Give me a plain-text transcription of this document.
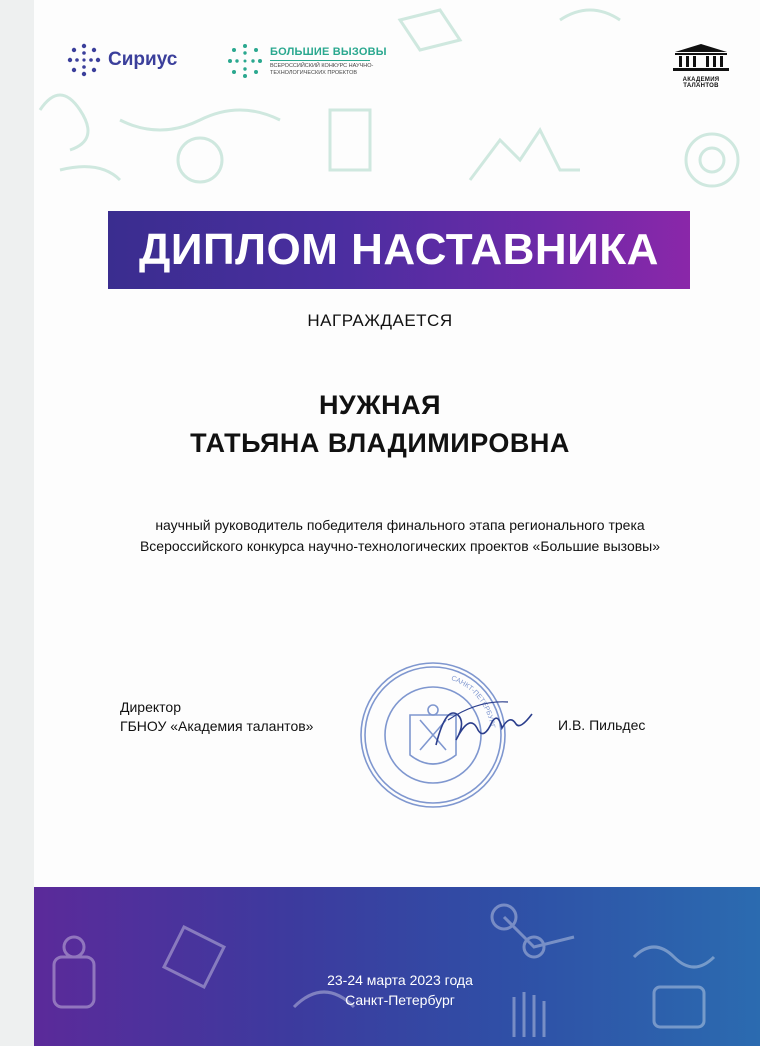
Сириус	БОЛЬШИЕ ВЫЗОВЫ
ВСЕРОССИЙСКИЙ КОНКУРС НАУЧНО-ТЕХНОЛОГИЧЕСКИХ ПРОЕКТОВ
АКАДЕМИЯ ТАЛАНТОВ
ДИПЛОМ НАСТАВНИКА
НАГРАЖДАЕТСЯ
НУЖНАЯ
ТАТЬЯНА ВЛАДИМИРОВНА
научный руководитель победителя финального этапа регионального трека
Всероссийского конкурса научно-технологических проектов «Большие вызовы»
Директор
ГБНОУ «Академия талантов»
САНКТ-ПЕТЕРБУРГ	И.В. Пильдес
23-24 марта 2023 года
Санкт-Петербург
